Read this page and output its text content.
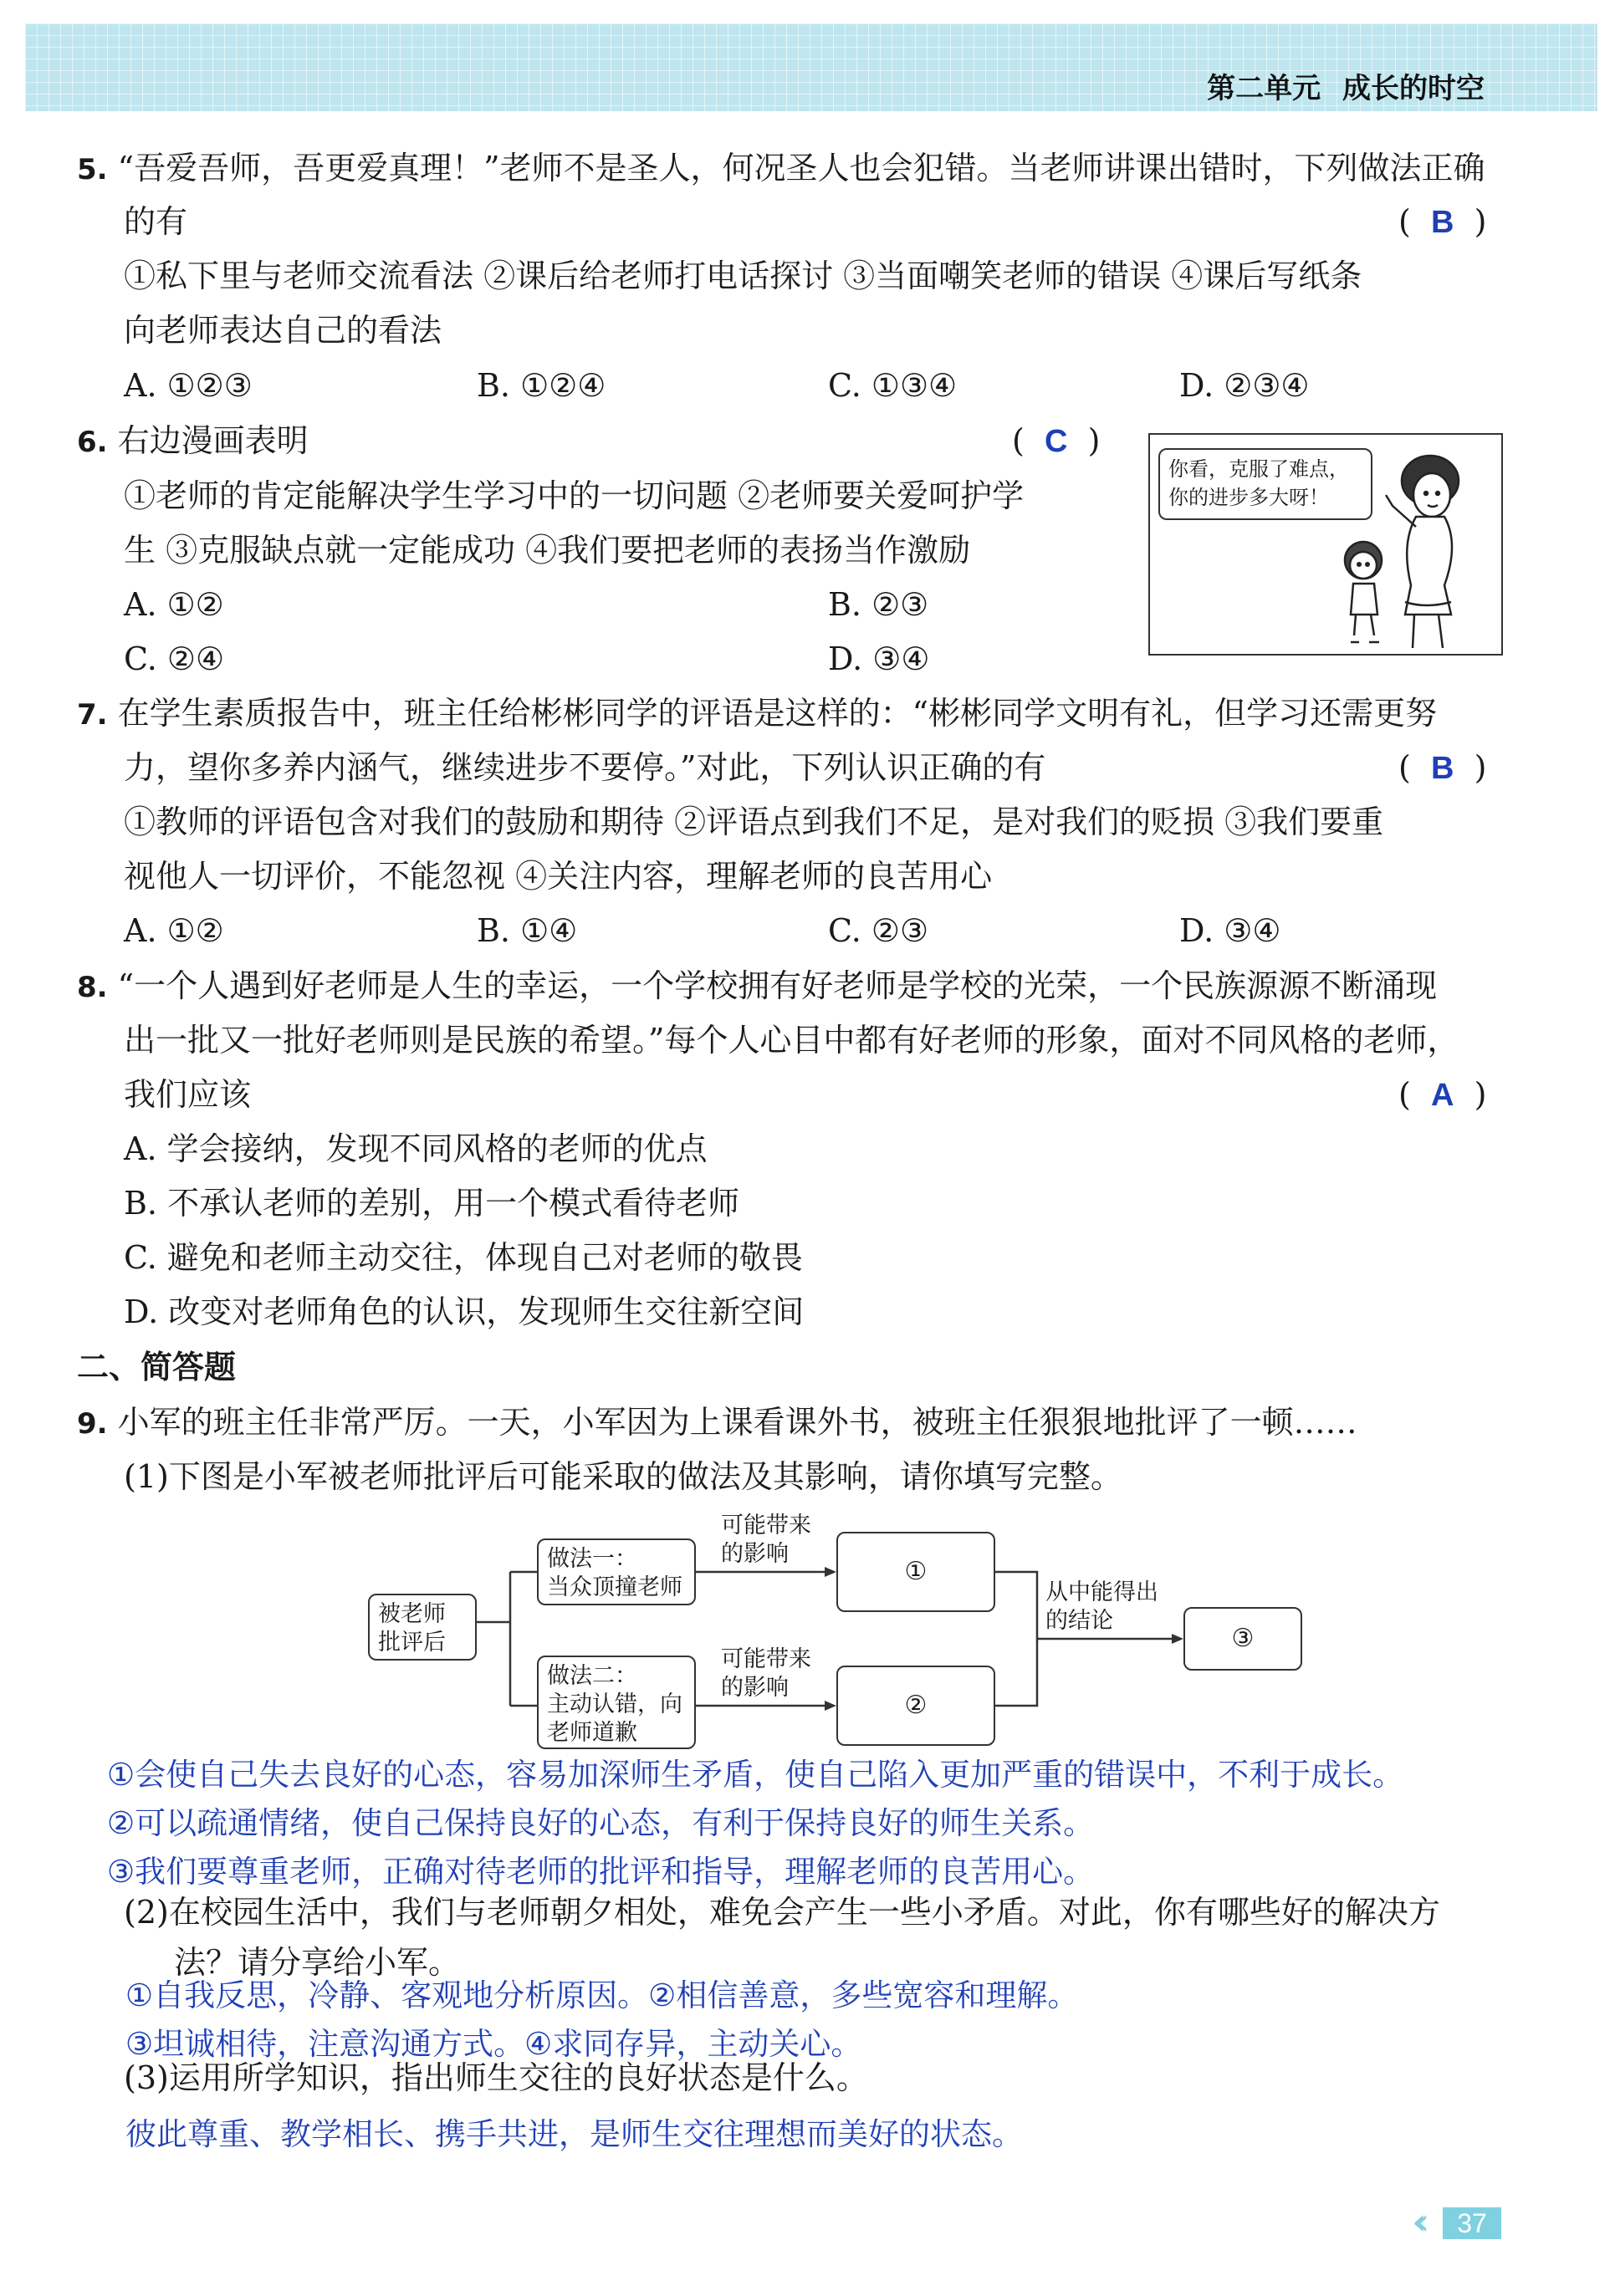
第二单元 成长的时空
5. “吾爱吾师，吾更爱真理！”老师不是圣人，何况圣人也会犯错。当老师讲课出错时，下列做法正确
的有	(  B  )
①私下里与老师交流看法 ②课后给老师打电话探讨 ③当面嘲笑老师的错误 ④课后写纸条
向老师表达自己的看法
A. ①②③	B. ①②④	C. ①③④	D. ②③④
6. 右边漫画表明	(  C  )
①老师的肯定能解决学生学习中的一切问题 ②老师要关爱呵护学
生 ③克服缺点就一定能成功 ④我们要把老师的表扬当作激励
A. ①②	B. ②③
C. ②④	D. ③④
你看，克服了难点，
你的进步多大呀！
7. 在学生素质报告中，班主任给彬彬同学的评语是这样的：“彬彬同学文明有礼，但学习还需更努
力，望你多养内涵气，继续进步不要停。”对此，下列认识正确的有	(  B  )
①教师的评语包含对我们的鼓励和期待 ②评语点到我们不足，是对我们的贬损 ③我们要重
视他人一切评价，不能忽视 ④关注内容，理解老师的良苦用心
A. ①②	B. ①④	C. ②③	D. ③④
8. “一个人遇到好老师是人生的幸运，一个学校拥有好老师是学校的光荣，一个民族源源不断涌现
出一批又一批好老师则是民族的希望。”每个人心目中都有好老师的形象，面对不同风格的老师，
我们应该	(  A  )
A. 学会接纳，发现不同风格的老师的优点
B. 不承认老师的差别，用一个模式看待老师
C. 避免和老师主动交往，体现自己对老师的敬畏
D. 改变对老师角色的认识，发现师生交往新空间
二、简答题
9. 小军的班主任非常严厉。一天，小军因为上课看课外书，被班主任狠狠地批评了一顿……
(1)下图是小军被老师批评后可能采取的做法及其影响，请你填写完整。
被老师
批评后
做法一：
当众顶撞老师
做法二：
主动认错，向
老师道歉
可能带来
的影响
可能带来
的影响
①
②
从中能得出
的结论
③
①会使自己失去良好的心态，容易加深师生矛盾，使自己陷入更加严重的错误中，不利于成长。
②可以疏通情绪，使自己保持良好的心态，有利于保持良好的师生关系。
③我们要尊重老师，正确对待老师的批评和指导，理解老师的良苦用心。
(2)在校园生活中，我们与老师朝夕相处，难免会产生一些小矛盾。对此，你有哪些好的解决方
法？请分享给小军。
①自我反思，冷静、客观地分析原因。②相信善意，多些宽容和理解。
③坦诚相待，注意沟通方式。④求同存异，主动关心。
(3)运用所学知识，指出师生交往的良好状态是什么。
彼此尊重、教学相长、携手共进，是师生交往理想而美好的状态。
‹‹	37
